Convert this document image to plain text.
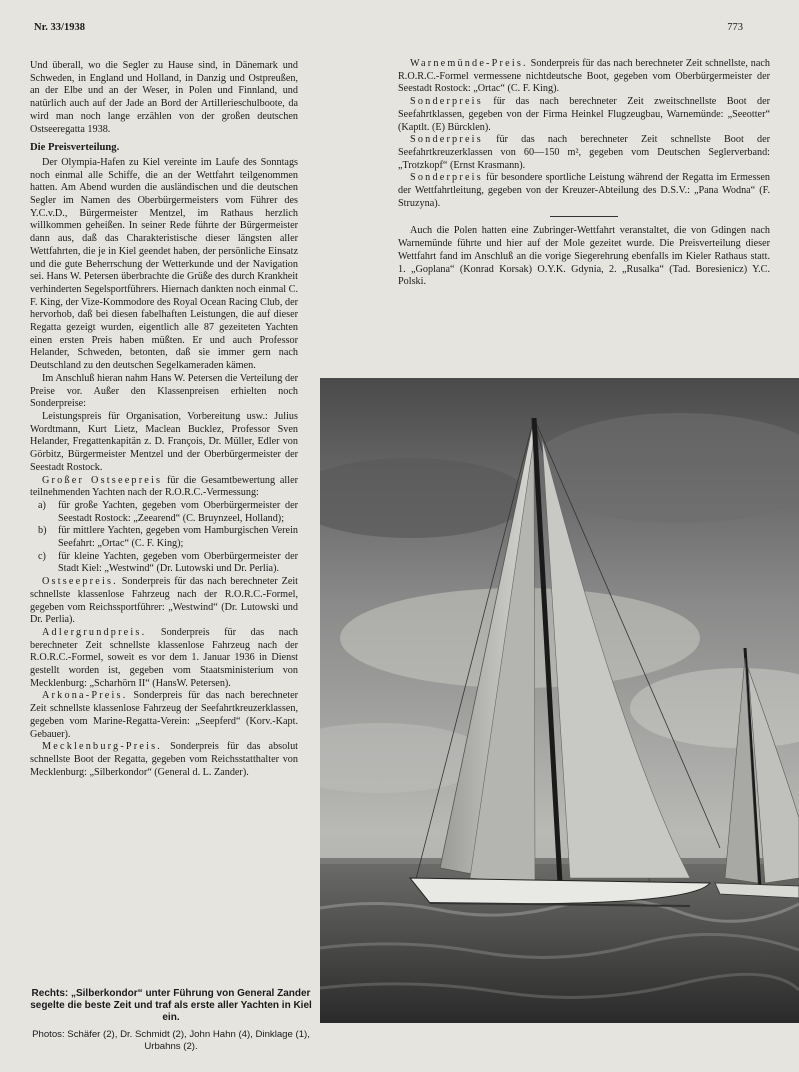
Nr. 33/1938	773

Und überall, wo die Segler zu Hause sind, in Dänemark und Schweden, in England und Holland, in Danzig und Ostpreußen, an der Elbe und an der Weser, in Polen und Finnland, und natürlich auch auf der Jade an Bord der Artillerieschulboote, da wird man noch lange erzählen von der großen deutschen Ostseeregatta 1938.

Die Preisverteilung.

Der Olympia-Hafen zu Kiel vereinte im Laufe des Sonntags noch einmal alle Schiffe, die an der Wettfahrt teilgenommen hatten. Am Abend wurden die ausländischen und die deutschen Segler im Namen des Oberbürgermeisters vom Führer des Y.C.v.D., Bürgermeister Mentzel, im Rathaus herzlich willkommen geheißen. In seiner Rede führte der Bürgermeister dann aus, daß das Charakteristische dieser längsten aller Wettfahrten, die je in Kiel geendet haben, der persönliche Einsatz und die gute Beherrschung der Wetterkunde und der Navigation sei. Hans W. Petersen überbrachte die Grüße des durch Krankheit verhinderten Segelsportführers. Hiernach dankten noch einmal C. F. King, der Vize-Kommodore des Royal Ocean Racing Club, der hervorhob, daß bei diesen fabelhaften Leistungen, die auf dieser Regatta gezeigt wurden, eigentlich alle 87 gezeiteten Yachten einen ersten Preis haben müßten. Er und auch Professor Helander, Schweden, betonten, daß sie immer gern nach Deutschland zu den deutschen Segelkameraden kämen.

Im Anschluß hieran nahm Hans W. Petersen die Verteilung der Preise vor. Außer den Klassenpreisen erhielten noch Sonderpreise:

Leistungspreis für Organisation, Vorbereitung usw.: Julius Wordtmann, Kurt Lietz, Maclean Bucklez, Professor Sven Helander, Fregattenkapitän z. D. François, Dr. Müller, Edler von Görbitz, Bürgermeister Mentzel und der Oberbürgermeister der Seestadt Rostock.

Großer Ostseepreis für die Gesamtbewertung aller teilnehmenden Yachten nach der R.O.R.C.-Vermessung:

a) für große Yachten, gegeben vom Oberbürgermeister der Seestadt Rostock: „Zeearend“ (C. Bruynzeel, Holland);
b) für mittlere Yachten, gegeben vom Hamburgischen Verein Seefahrt: „Ortac“ (C. F. King);
c) für kleine Yachten, gegeben vom Oberbürgermeister der Stadt Kiel: „Westwind“ (Dr. Lutowski und Dr. Perlia).

Ostseepreis. Sonderpreis für das nach berechneter Zeit schnellste klassenlose Fahrzeug nach der R.O.R.C.-Formel, gegeben vom Reichssportführer: „Westwind“ (Dr. Lutowski und Dr. Perlia).

Adlergrundpreis. Sonderpreis für das nach berechneter Zeit schnellste klassenlose Fahrzeug nach der R.O.R.C.-Formel, soweit es vor dem 1. Januar 1936 in Dienst gestellt worden ist, gegeben vom Staatsministerium von Mecklenburg: „Scharhörn II“ (HansW. Petersen).

Arkona-Preis. Sonderpreis für das nach berechneter Zeit schnellste klassenlose Fahrzeug der Seefahrtkreuzerklassen, gegeben vom Marine-Regatta-Verein: „Seepferd“ (Korv.-Kapt. Gebauer).

Mecklenburg-Preis. Sonderpreis für das absolut schnellste Boot der Regatta, gegeben vom Reichsstatthalter von Mecklenburg: „Silberkondor“ (General d. L. Zander).

Warnemünde-Preis. Sonderpreis für das nach berechneter Zeit schnellste, nach R.O.R.C.-Formel vermessene nichtdeutsche Boot, gegeben vom Oberbürgermeister der Seestadt Rostock: „Ortac“ (C. F. King).

Sonderpreis für das nach berechneter Zeit zweitschnellste Boot der Seefahrtklassen, gegeben von der Firma Heinkel Flugzeugbau, Warnemünde: „Seeotter“ (Kaptlt. (E) Bürcklen).

Sonderpreis für das nach berechneter Zeit schnellste Boot der Seefahrtkreuzerklassen von 60—150 m², gegeben vom Deutschen Seglerverband: „Trotzkopf“ (Ernst Krasmann).

Sonderpreis für besondere sportliche Leistung während der Regatta im Ermessen der Wettfahrtleitung, gegeben von der Kreuzer-Abteilung des D.S.V.: „Pana Wodna“ (F. Struzyna).

Auch die Polen hatten eine Zubringer-Wettfahrt veranstaltet, die von Gdingen nach Warnemünde führte und hier auf der Mole gezeitet wurde. Die Preisverteilung dieser Wettfahrt fand im Anschluß an die vorige Siegerehrung ebenfalls im Kieler Rathaus statt. 1. „Goplana“ (Konrad Korsak) O.Y.K. Gdynia, 2. „Rusalka“ (Tad. Boresienicz) Y.C. Polski.

Rechts: „Silberkondor“ unter Führung von General Zander segelte die beste Zeit und traf als erste aller Yachten in Kiel ein.
Photos: Schäfer (2), Dr. Schmidt (2), John Hahn (4), Dinklage (1), Urbahns (2).
